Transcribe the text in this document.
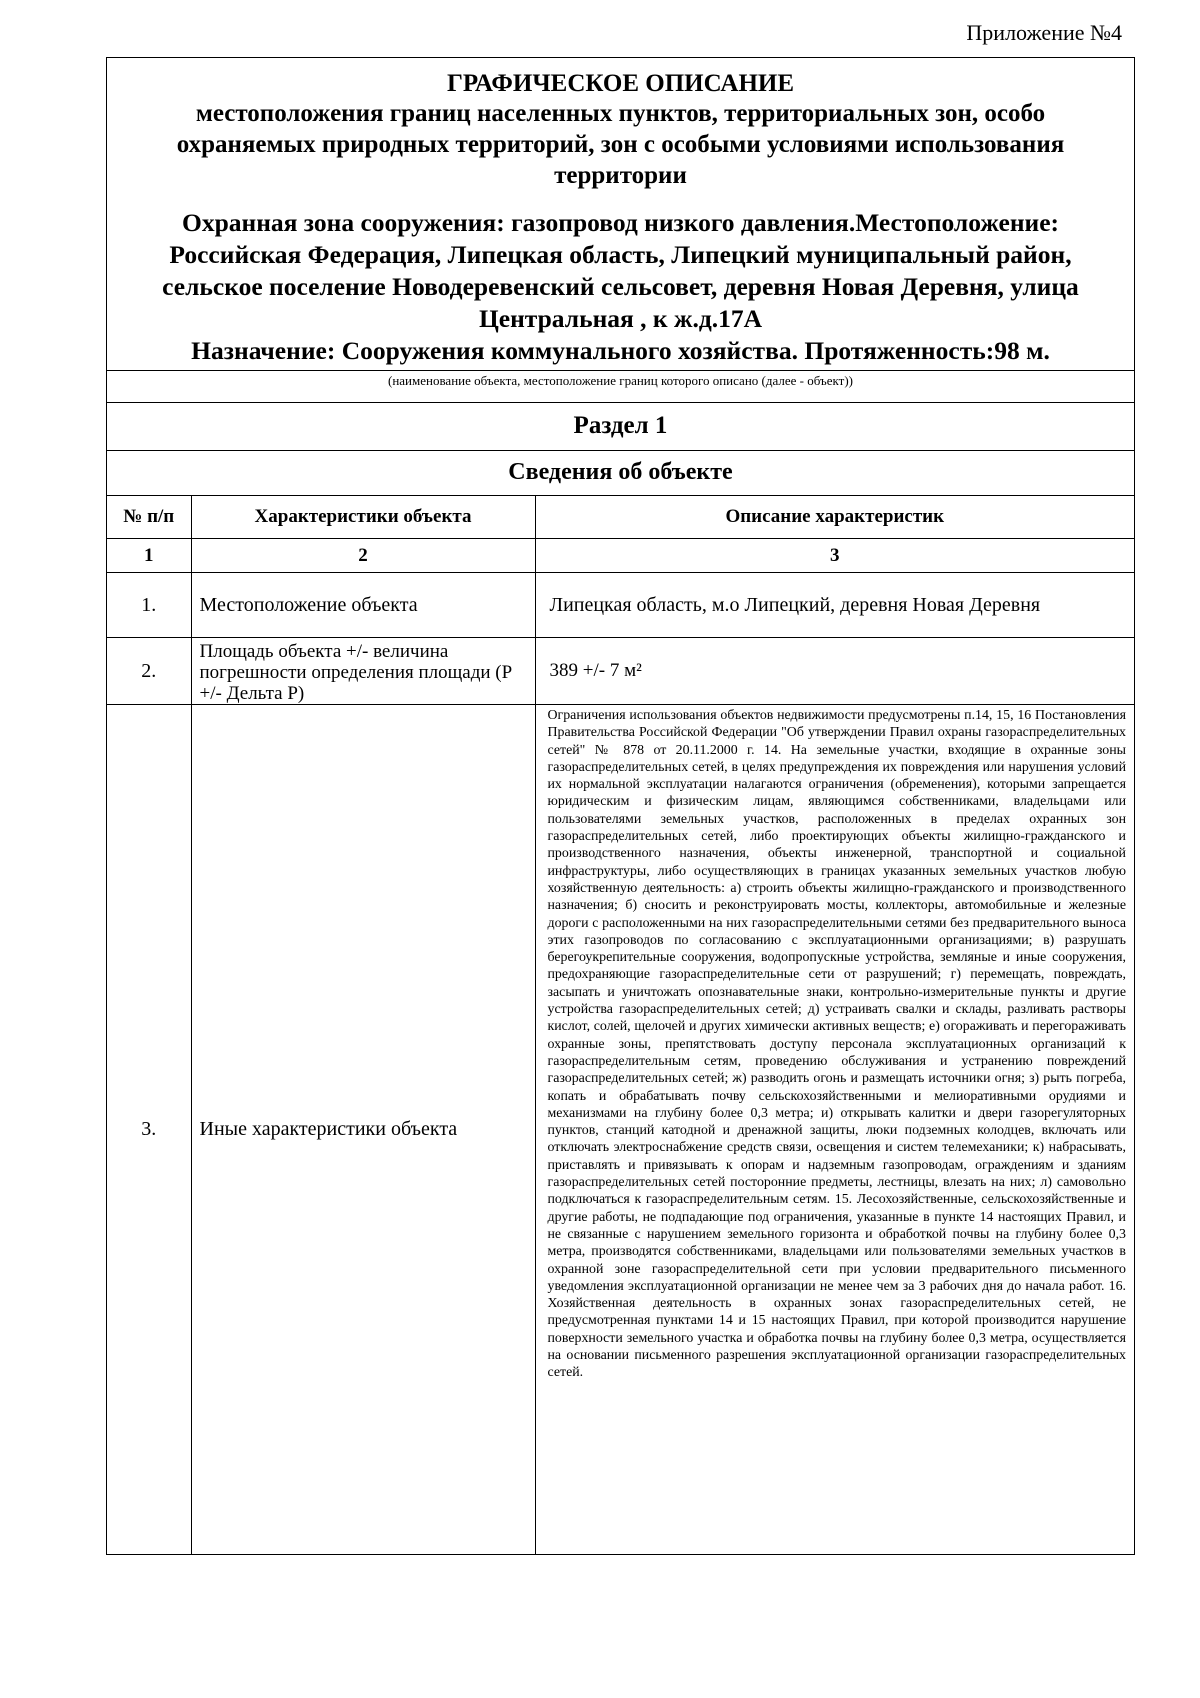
Приложение №4
ГРАФИЧЕСКОЕ ОПИСАНИЕ
местоположения границ населенных пунктов, территориальных зон, особо охраняемых природных территорий, зон с особыми условиями использования территории
Охранная зона сооружения: газопровод низкого давления.Местоположение: Российская Федерация, Липецкая область, Липецкий муниципальный район, сельское поселение Новодеревенский сельсовет, деревня Новая Деревня, улица Центральная , к ж.д.17А
Назначение: Сооружения коммунального хозяйства. Протяженность:98 м.
(наименование объекта, местоположение границ которого описано (далее - объект))
Раздел 1
Сведения об объекте
№ п/п	Характеристики объекта	Описание характеристик
1	2	3
1.	Местоположение объекта	Липецкая область, м.о Липецкий, деревня Новая Деревня
2.	Площадь объекта +/- величина погрешности определения площади (Р +/- Дельта Р)	389 +/- 7 м²
3.	Иные характеристики объекта	Ограничения использования объектов недвижимости предусмотрены п.14, 15, 16 Постановления Правительства Российской Федерации "Об утверждении Правил охраны газораспределительных сетей" № 878 от 20.11.2000 г. 14. На земельные участки, входящие в охранные зоны газораспределительных сетей, в целях предупреждения их повреждения или нарушения условий их нормальной эксплуатации налагаются ограничения (обременения), которыми запрещается юридическим и физическим лицам, являющимся собственниками, владельцами или пользователями земельных участков, расположенных в пределах охранных зон газораспределительных сетей, либо проектирующих объекты жилищно-гражданского и производственного назначения, объекты инженерной, транспортной и социальной инфраструктуры, либо осуществляющих в границах указанных земельных участков любую хозяйственную деятельность: а) строить объекты жилищно-гражданского и производственного назначения; б) сносить и реконструировать мосты, коллекторы, автомобильные и железные дороги с расположенными на них газораспределительными сетями без предварительного выноса этих газопроводов по согласованию с эксплуатационными организациями; в) разрушать берегоукрепительные сооружения, водопропускные устройства, земляные и иные сооружения, предохраняющие газораспределительные сети от разрушений; г) перемещать, повреждать, засыпать и уничтожать опознавательные знаки, контрольно-измерительные пункты и другие устройства газораспределительных сетей; д) устраивать свалки и склады, разливать растворы кислот, солей, щелочей и других химически активных веществ; е) огораживать и перегораживать охранные зоны, препятствовать доступу персонала эксплуатационных организаций к газораспределительным сетям, проведению обслуживания и устранению повреждений газораспределительных сетей; ж) разводить огонь и размещать источники огня; з) рыть погреба, копать и обрабатывать почву сельскохозяйственными и мелиоративными орудиями и механизмами на глубину более 0,3 метра; и) открывать калитки и двери газорегуляторных пунктов, станций катодной и дренажной защиты, люки подземных колодцев, включать или отключать электроснабжение средств связи, освещения и систем телемеханики; к) набрасывать, приставлять и привязывать к опорам и надземным газопроводам, ограждениям и зданиям газораспределительных сетей посторонние предметы, лестницы, влезать на них; л) самовольно подключаться к газораспределительным сетям. 15. Лесохозяйственные, сельскохозяйственные и другие работы, не подпадающие под ограничения, указанные в пункте 14 настоящих Правил, и не связанные с нарушением земельного горизонта и обработкой почвы на глубину более 0,3 метра, производятся собственниками, владельцами или пользователями земельных участков в охранной зоне газораспределительной сети при условии предварительного письменного уведомления эксплуатационной организации не менее чем за 3 рабочих дня до начала работ. 16. Хозяйственная деятельность в охранных зонах газораспределительных сетей, не предусмотренная пунктами 14 и 15 настоящих Правил, при которой производится нарушение поверхности земельного участка и обработка почвы на глубину более 0,3 метра, осуществляется на основании письменного разрешения эксплуатационной организации газораспределительных сетей.
